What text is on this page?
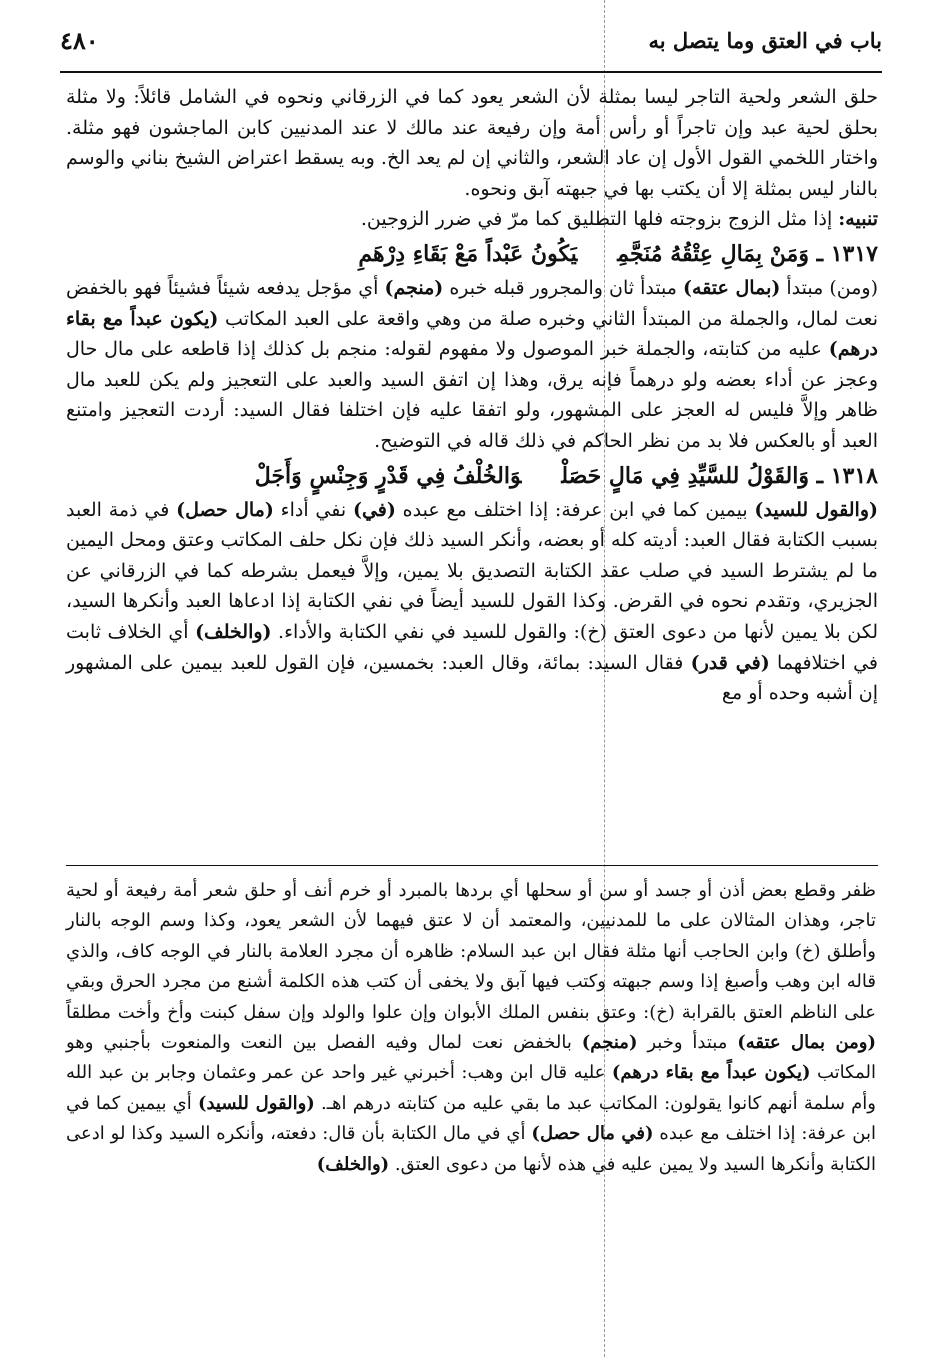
باب في العتق وما يتصل به
٤٨٠

حلق الشعر ولحية التاجر ليسا بمثلة لأن الشعر يعود كما في الزرقاني ونحوه في الشامل قائلاً: ولا مثلة بحلق لحية عبد وإن تاجراً أو رأس أمة وإن رفيعة عند مالك لا عند المدنيين كابن الماجشون فهو مثلة. واختار اللخمي القول الأول إن عاد الشعر، والثاني إن لم يعد الخ. وبه يسقط اعتراض الشيخ بناني والوسم بالنار ليس بمثلة إلا أن يكتب بها في جبهته آبق ونحوه.

تنبيه: إذا مثل الزوج بزوجته فلها التطليق كما مرّ في ضرر الزوجين.

١٣١٧ ـ وَمَنْ بِمَالِ عِتْقُهُ مُنَجَّمِيَكُونُ عَبْداً مَعْ بَقَاءِ دِرْهَمِ

(ومن) مبتدأ (بمال عتقه) مبتدأ ثان والمجرور قبله خبره (منجم) أي مؤجل يدفعه شيئاً فشيئاً فهو بالخفض نعت لمال، والجملة من المبتدأ الثاني وخبره صلة من وهي واقعة على العبد المكاتب (يكون عبداً مع بقاء درهم) عليه من كتابته، والجملة خبر الموصول ولا مفهوم لقوله: منجم بل كذلك إذا قاطعه على مال حال وعجز عن أداء بعضه ولو درهماً فإنه يرق، وهذا إن اتفق السيد والعبد على التعجيز ولم يكن للعبد مال ظاهر وإلاَّ فليس له العجز على المشهور، ولو اتفقا عليه فإن اختلفا فقال السيد: أردت التعجيز وامتنع العبد أو بالعكس فلا بد من نظر الحاكم في ذلك قاله في التوضيح.

١٣١٨ ـ وَالقَوْلُ للسَّيِّدِ فِي مَالٍ حَصَلْوَالخُلْفُ فِي قَدْرٍ وَجِنْسٍ وَأَجَلْ

(والقول للسيد) بيمين كما في ابن عرفة: إذا اختلف مع عبده (في) نفي أداء (مال حصل) في ذمة العبد بسبب الكتابة فقال العبد: أديته كله أو بعضه، وأنكر السيد ذلك فإن نكل حلف المكاتب وعتق ومحل اليمين ما لم يشترط السيد في صلب عقد الكتابة التصديق بلا يمين، وإلاَّ فيعمل بشرطه كما في الزرقاني عن الجزيري، وتقدم نحوه في القرض. وكذا القول للسيد أيضاً في نفي الكتابة إذا ادعاها العبد وأنكرها السيد، لكن بلا يمين لأنها من دعوى العتق (خ): والقول للسيد في نفي الكتابة والأداء. (والخلف) أي الخلاف ثابت في اختلافهما (في قدر) فقال السيد: بمائة، وقال العبد: بخمسين، فإن القول للعبد بيمين على المشهور إن أشبه وحده أو مع

ظفر وقطع بعض أذن أو جسد أو سن أو سحلها أي بردها بالمبرد أو خرم أنف أو حلق شعر أمة رفيعة أو لحية تاجر، وهذان المثالان على ما للمدنيين، والمعتمد أن لا عتق فيهما لأن الشعر يعود، وكذا وسم الوجه بالنار وأطلق (خ) وابن الحاجب أنها مثلة فقال ابن عبد السلام: ظاهره أن مجرد العلامة بالنار في الوجه كاف، والذي قاله ابن وهب وأصبغ إذا وسم جبهته وكتب فيها آبق ولا يخفى أن كتب هذه الكلمة أشنع من مجرد الحرق وبقي على الناظم العتق بالقرابة (خ): وعتق بنفس الملك الأبوان وإن علوا والولد وإن سفل كبنت وأخ وأخت مطلقاً (ومن بمال عتقه) مبتدأ وخبر (منجم) بالخفض نعت لمال وفيه الفصل بين النعت والمنعوت بأجنبي وهو المكاتب (يكون عبداً مع بقاء درهم) عليه قال ابن وهب: أخبرني غير واحد عن عمر وعثمان وجابر بن عبد الله وأم سلمة أنهم كانوا يقولون: المكاتب عبد ما بقي عليه من كتابته درهم اهـ. (والقول للسيد) أي بيمين كما في ابن عرفة: إذا اختلف مع عبده (في مال حصل) أي في مال الكتابة بأن قال: دفعته، وأنكره السيد وكذا لو ادعى الكتابة وأنكرها السيد ولا يمين عليه في هذه لأنها من دعوى العتق. (والخلف)
